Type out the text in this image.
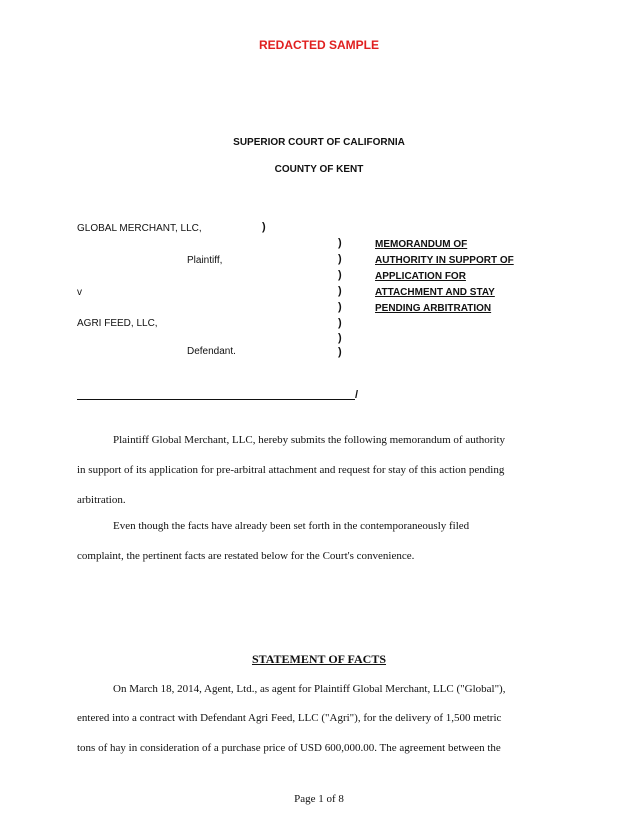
REDACTED SAMPLE
SUPERIOR COURT OF CALIFORNIA
COUNTY OF KENT
GLOBAL MERCHANT, LLC,
Plaintiff,
v
AGRI FEED, LLC,
Defendant.
)
)
)
)
)
)
)
)
)
MEMORANDUM OF
AUTHORITY IN SUPPORT OF
APPLICATION FOR
ATTACHMENT AND STAY
PENDING ARBITRATION
/
Plaintiff Global Merchant, LLC, hereby submits the following memorandum of authority
in support of its application for pre-arbitral attachment and request for stay of this action pending
arbitration.
Even though the facts have already been set forth in the contemporaneously filed
complaint, the pertinent facts are restated below for the Court's convenience.
STATEMENT OF FACTS
On March 18, 2014, Agent, Ltd., as agent for Plaintiff Global Merchant, LLC ("Global"),
entered into a contract with Defendant Agri Feed, LLC ("Agri"), for the delivery of 1,500 metric
tons of hay in consideration of a purchase price of USD 600,000.00. The agreement between the
Page 1 of 8
